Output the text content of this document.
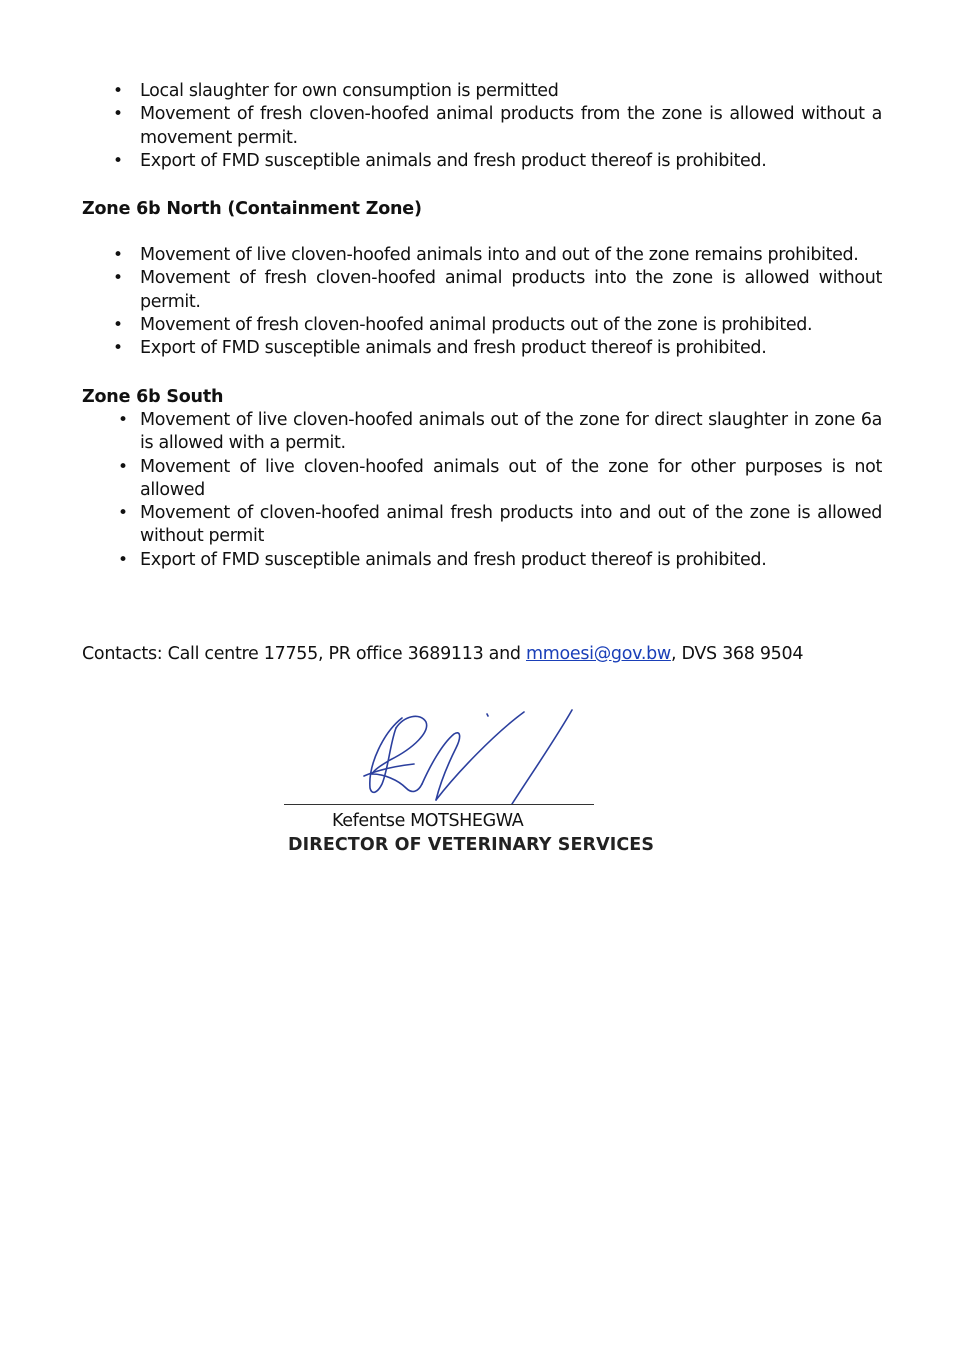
• Local slaughter for own consumption is permitted
• Movement of fresh cloven-hoofed animal products from the zone is allowed without a movement permit.
• Export of FMD susceptible animals and fresh product thereof is prohibited.
Zone 6b North (Containment Zone)
• Movement of live cloven-hoofed animals into and out of the zone remains prohibited.
• Movement of fresh cloven-hoofed animal products into the zone is allowed without permit.
• Movement of fresh cloven-hoofed animal products out of the zone is prohibited.
• Export of FMD susceptible animals and fresh product thereof is prohibited.
Zone 6b South
• Movement of live cloven-hoofed animals out of the zone for direct slaughter in zone 6a is allowed with a permit.
• Movement of live cloven-hoofed animals out of the zone for other purposes is not allowed
• Movement of cloven-hoofed animal fresh products into and out of the zone is allowed without permit
• Export of FMD susceptible animals and fresh product thereof is prohibited.
Contacts: Call centre 17755, PR office 3689113 and mmoesi@gov.bw, DVS 368 9504
Kefentse MOTSHEGWA
DIRECTOR OF VETERINARY SERVICES
